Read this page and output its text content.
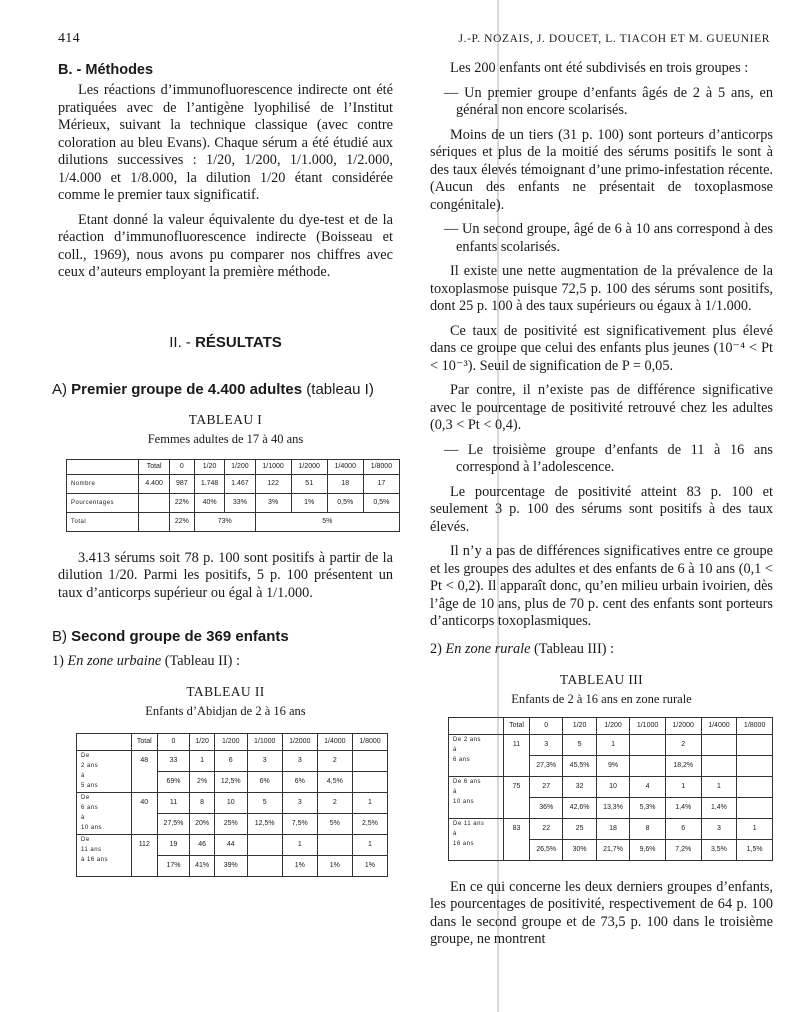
414	J.-P. NOZAIS, J. DOUCET, L. TIACOH ET M. GUEUNIER
B. - Méthodes

Les réactions d’immunofluorescence indirecte ont été pratiquées avec de l’antigène lyophilisé de l’Institut Mérieux, suivant la technique classique (avec contre coloration au bleu Evans). Chaque sérum a été étudié aux dilutions successives : 1/20, 1/200, 1/1.000, 1/2.000, 1/4.000 et 1/8.000, la dilution 1/20 étant considérée comme le premier taux significatif.

Etant donné la valeur équivalente du dye-test et de la réaction d’immunofluorescence indirecte (Boisseau et coll., 1969), nous avons pu comparer nos chiffres avec ceux d’auteurs employant la première méthode.

II. - RÉSULTATS
A) Premier groupe de 4.400 adultes (tableau I)
TABLEAU I
Femmes adultes de 17 à 40 ans
	Total	0	1/20	1/200	1/1000	1/2000	1/4000	1/8000
Nombre	4.400	987	1.748	1.467	122	51	18	17
Pourcentages		22%	40%	33%	3%	1%	0,5%	0,5%
Total		22%	73%		5%			

3.413 sérums soit 78 p. 100 sont positifs à partir de la dilution 1/20. Parmi les positifs, 5 p. 100 présentent un taux d’anticorps supérieur ou égal à 1/1.000.

B) Second groupe de 369 enfants
1) En zone urbaine (Tableau II) :
TABLEAU II
Enfants d’Abidjan de 2 à 16 ans
	Total	0	1/20	1/200	1/1000	1/2000	1/4000	1/8000

De
2 ans
à
5 ans	48	33	1	6	3	3	2	
		69%	2%	12,5%	6%	6%	4,5%	

De
6 ans
à
10 ans	40	11	8	10	5	3	2	1
		27,5%	20%	25%	12,5%	7,5%	5%	2,5%

De
11 ans
à 16 ans	112	19	46	44		1		1
		17%	41%	39%		1%	1%	1%

Les 200 enfants ont été subdivisés en trois groupes :

— Un premier groupe d’enfants âgés de 2 à 5 ans, en général non encore scolarisés.

Moins de un tiers (31 p. 100) sont porteurs d’anticorps sériques et plus de la moitié des sérums positifs le sont à des taux élevés témoignant d’une primo-infestation récente. (Aucun des enfants ne présentait de toxoplasmose congénitale).

— Un second groupe, âgé de 6 à 10 ans correspond à des enfants scolarisés.

Il existe une nette augmentation de la prévalence de la toxoplasmose puisque 72,5 p. 100 des sérums sont positifs, dont 25 p. 100 à des taux supérieurs ou égaux à 1/1.000.

Ce taux de positivité est significativement plus élevé dans ce groupe que celui des enfants plus jeunes (10⁻⁴ < Pt < 10⁻³). Seuil de signification de P = 0,05.

Par contre, il n’existe pas de différence significative avec le pourcentage de positivité retrouvé chez les adultes (0,3 < Pt < 0,4).

— Le troisième groupe d’enfants de 11 à 16 ans correspond à l’adolescence.

Le pourcentage de positivité atteint 83 p. 100 et seulement 3 p. 100 des sérums sont positifs à des taux élevés.

Il n’y a pas de différences significatives entre ce groupe et les groupes des adultes et des enfants de 6 à 10 ans (0,1 < Pt < 0,2). Il apparaît donc, qu’en milieu urbain ivoirien, dès l’âge de 10 ans, plus de 70 p. cent des enfants sont porteurs d’anticorps toxoplasmiques.

2) En zone rurale (Tableau III) :
TABLEAU III
Enfants de 2 à 16 ans en zone rurale
	Total	0	1/20	1/200	1/1000	1/2000	1/4000	1/8000

De 2 ans
à
6 ans	11	3	5	1		2		
		27,3%	45,5%	9%		18,2%		

De 6 ans
à
10 ans	75	27	32	10	4	1	1	
		36%	42,6%	13,3%	5,3%	1,4%	1,4%	

De 11 ans
à
16 ans	83	22	25	18	8	6	3	1
		26,5%	30%	21,7%	9,6%	7,2%	3,5%	1,5%

En ce qui concerne les deux derniers groupes d’enfants, les pourcentages de positivité, respectivement de 64 p. 100 dans le second groupe et de 73,5 p. 100 dans le troisième groupe, ne montrent
